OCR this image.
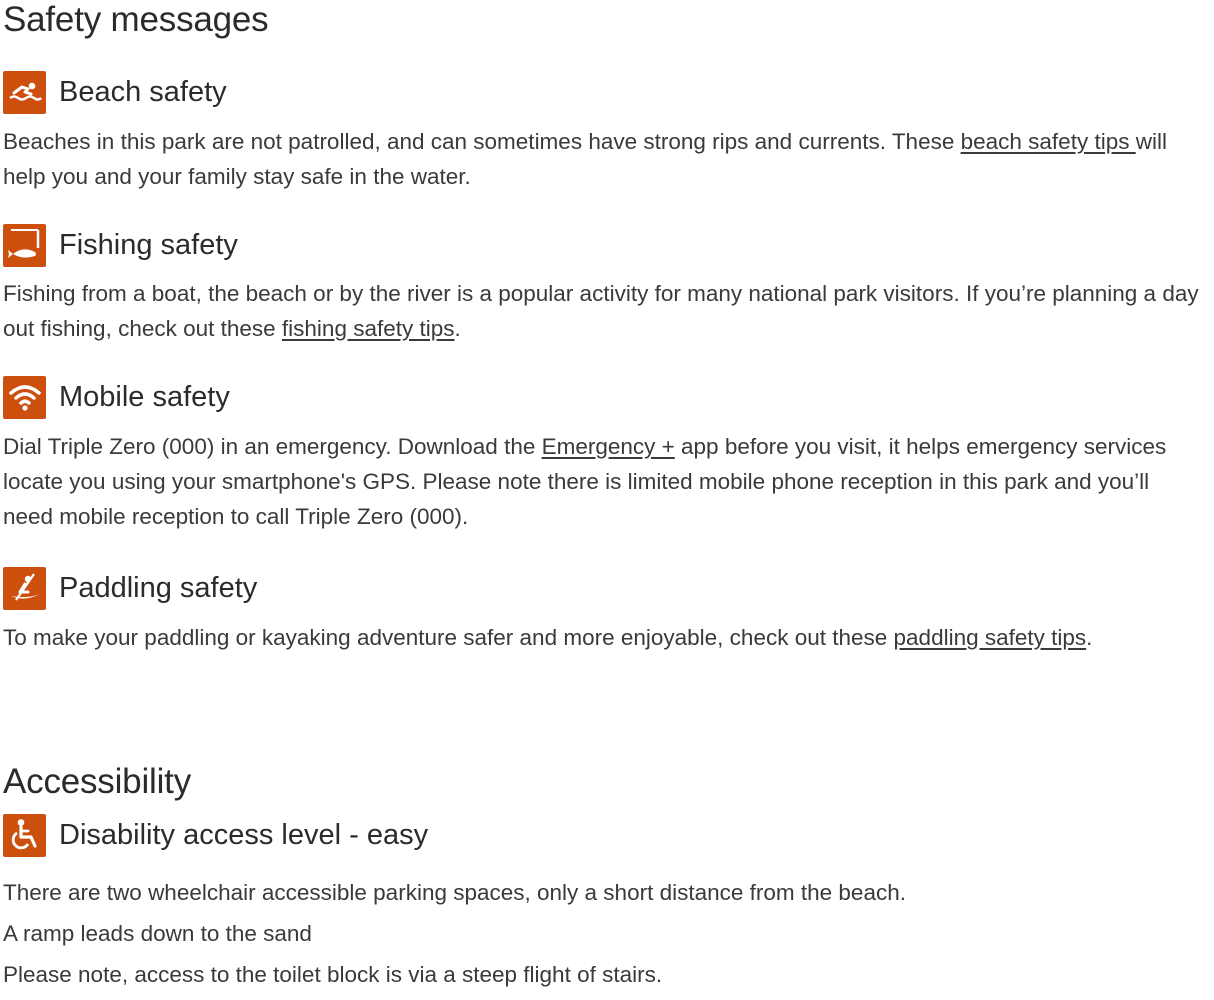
Safety messages
Beach safety

Beaches in this park are not patrolled, and can sometimes have strong rips and currents. These beach safety tips will help you and your family stay safe in the water.

Fishing safety

Fishing from a boat, the beach or by the river is a popular activity for many national park visitors. If you’re planning a day out fishing, check out these fishing safety tips.

Mobile safety

Dial Triple Zero (000) in an emergency. Download the Emergency + app before you visit, it helps emergency services locate you using your smartphone's GPS. Please note there is limited mobile phone reception in this park and you’ll need mobile reception to call Triple Zero (000).

Paddling safety

To make your paddling or kayaking adventure safer and more enjoyable, check out these paddling safety tips.

Accessibility
Disability access level - easy

There are two wheelchair accessible parking spaces, only a short distance from the beach.

A ramp leads down to the sand

Please note, access to the toilet block is via a steep flight of stairs.
